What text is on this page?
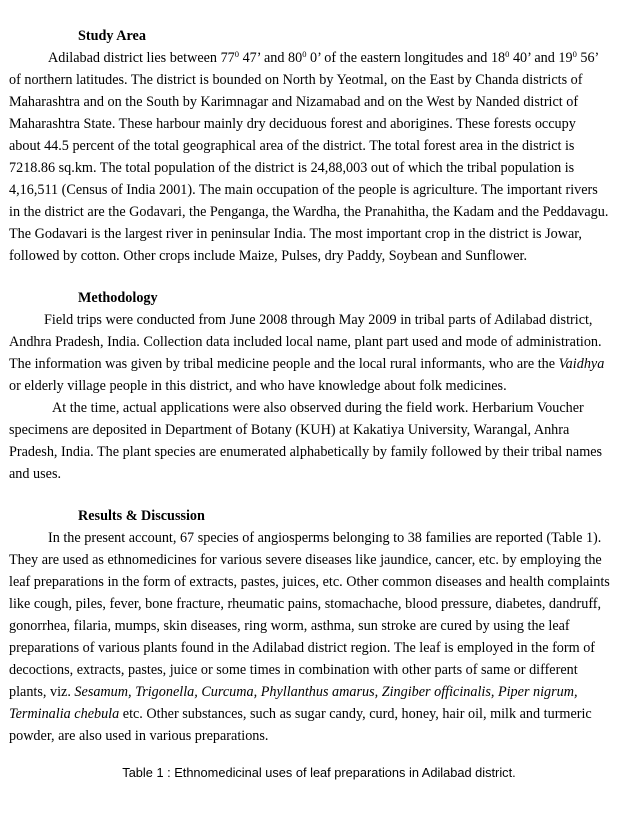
Study Area
Adilabad district lies between $77^0$ 47’ and $80^0$ 0’ of the eastern longitudes and $18^0$ 40’ and $19^0$ 56’
of northern latitudes. The district is bounded on North by Yeotmal, on the East by Chanda districts of
Maharashtra and on the South by Karimnagar and Nizamabad and on the West by Nanded district of
Maharashtra State. These harbour mainly dry deciduous forest and aborigines. These forests occupy
about 44.5 percent of the total geographical area of the district. The total forest area in the district is
7218.86 sq.km. The total population of the district is 24,88,003 out of which the tribal population is
4,16,511 (Census of India 2001). The main occupation of the people is agriculture. The important rivers
in the district are the Godavari, the Penganga, the Wardha, the Pranahitha, the Kadam and the Peddavagu.
The Godavari is the largest river in peninsular India. The most important crop in the district is Jowar,
followed by cotton. Other crops include Maize, Pulses, dry Paddy, Soybean and Sunflower.
Methodology
Field trips were conducted from June 2008 through May 2009 in tribal parts of Adilabad district,
Andhra Pradesh, India. Collection data included local name, plant part used and mode of administration.
The information was given by tribal medicine people and the local rural informants, who are the Vaidhya
or elderly village people in this district, and who have knowledge about folk medicines.
At the time, actual applications were also observed during the field work. Herbarium Voucher
specimens are deposited in Department of Botany (KUH) at Kakatiya University, Warangal, Anhra
Pradesh, India. The plant species are enumerated alphabetically by family followed by their tribal names
and uses.
Results & Discussion
In the present account, 67 species of angiosperms belonging to 38 families are reported (Table 1).
They are used as ethnomedicines for various severe diseases like jaundice, cancer, etc. by employing the
leaf preparations in the form of extracts, pastes, juices, etc. Other common diseases and health complaints
like cough, piles, fever, bone fracture, rheumatic pains, stomachache, blood pressure, diabetes, dandruff,
gonorrhea, filaria, mumps, skin diseases, ring worm, asthma, sun stroke are cured by using the leaf
preparations of various plants found in the Adilabad district region. The leaf is employed in the form of
decoctions, extracts, pastes, juice or some times in combination with other parts of same or different
plants, viz. Sesamum, Trigonella, Curcuma, Phyllanthus amarus, Zingiber officinalis, Piper nigrum,
Terminalia chebula etc. Other substances, such as sugar candy, curd, honey, hair oil, milk and turmeric
powder, are also used in various preparations.
Table 1 : Ethnomedicinal uses of leaf preparations in Adilabad district.
